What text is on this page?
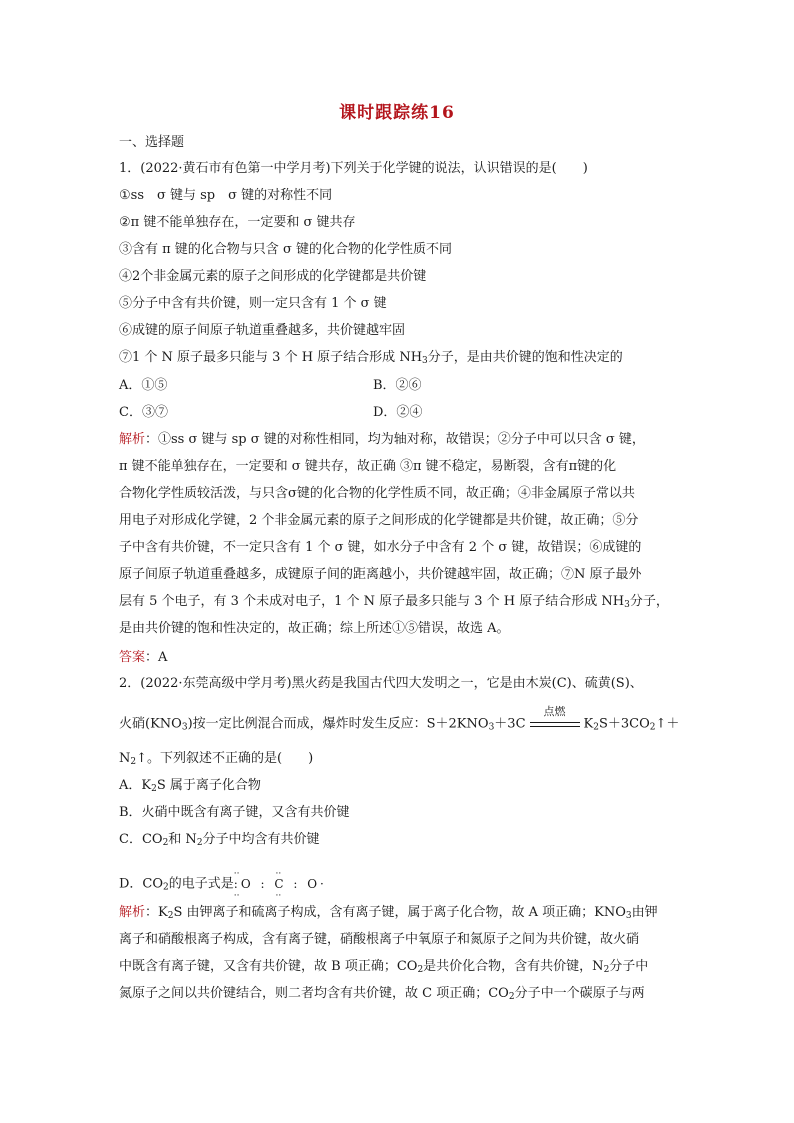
课时跟踪练16
一、选择题
1．(2022·黄石市有色第一中学月考)下列关于化学键的说法，认识错误的是(　　)
①ss　σ 键与 sp　σ 键的对称性不同
②π 键不能单独存在，一定要和 σ 键共存
③含有 π 键的化合物与只含 σ 键的化合物的化学性质不同
④2个非金属元素的原子之间形成的化学键都是共价键
⑤分子中含有共价键，则一定只含有 1 个 σ 键
⑥成键的原子间原子轨道重叠越多，共价键越牢固
⑦1 个 N 原子最多只能与 3 个 H 原子结合形成 $NH_3$分子，是由共价键的饱和性决定的
A．①⑤	B．②⑥
C．③⑦	D．②④
解析：①ss σ 键与 sp σ 键的对称性相同，均为轴对称，故错误；②分子中可以只含 σ 键，
π 键不能单独存在，一定要和 σ 键共存，故正确 ③π 键不稳定，易断裂，含有π键的化
合物化学性质较活泼，与只含σ键的化合物的化学性质不同，故正确；④非金属原子常以共
用电子对形成化学键，2 个非金属元素的原子之间形成的化学键都是共价键，故正确；⑤分
子中含有共价键，不一定只含有 1 个 σ 键，如水分子中含有 2 个 σ 键，故错误；⑥成键的
原子间原子轨道重叠越多，成键原子间的距离越小，共价键越牢固，故正确；⑦N 原子最外
层有 5 个电子，有 3 个未成对电子，1 个 N 原子最多只能与 3 个 H 原子结合形成 $NH_3$分子，
是由共价键的饱和性决定的，故正确；综上所述①⑤错误，故选 A。
答案：A
2．(2022·东莞高级中学月考)黑火药是我国古代四大发明之一，它是由木炭(C)、硫黄(S)、
火硝$(KNO_3)$按一定比例混合而成，爆炸时发生反应：$S+2KNO_3+3C$
点燃
$K_2S+3CO_2↑+$
$N_2↑$。下列叙述不正确的是(　　)
A．$K_2S$ 属于离子化合物
B．火硝中既含有离子键，又含有共价键
C．$CO_2$和 $N_2$分子中均含有共价键
D．$CO_2$的电子式是
··　　　　··
:O : C : O·
··　　　　··
解析：$K_2S$ 由钾离子和硫离子构成，含有离子键，属于离子化合物，故 A 项正确；$KNO_3$由钾
离子和硝酸根离子构成，含有离子键，硝酸根离子中氧原子和氮原子之间为共价键，故火硝
中既含有离子键，又含有共价键，故 B 项正确；$CO_2$是共价化合物，含有共价键，$N_2$分子中
氮原子之间以共价键结合，则二者均含有共价键，故 C 项正确；$CO_2$分子中一个碳原子与两
